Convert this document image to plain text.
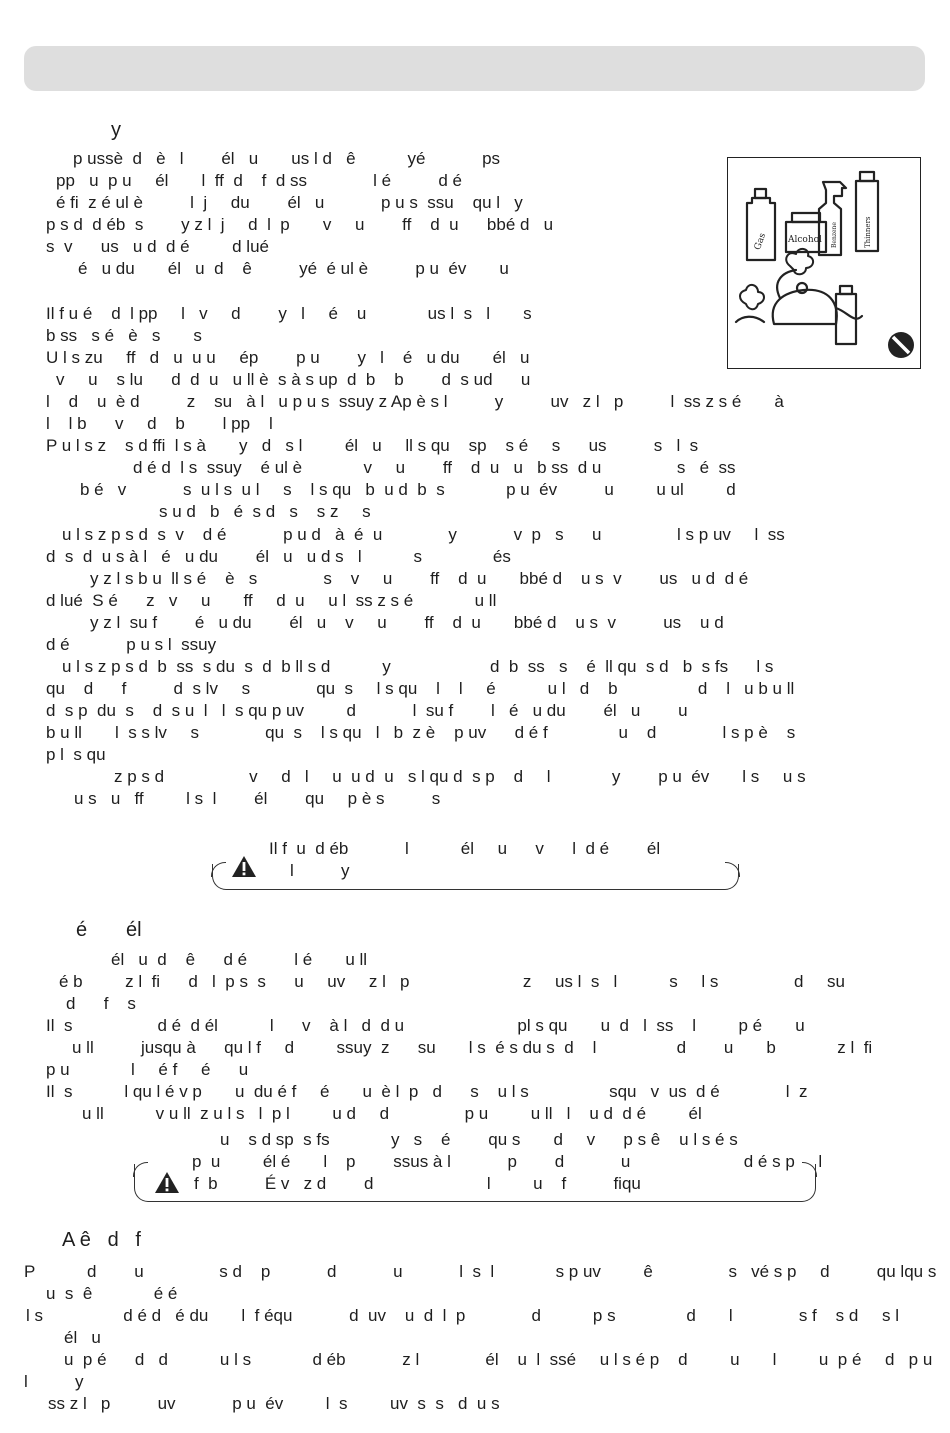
y
p ussè  d   è   l        él   u       us l d   ê           yé            ps
pp   u  p u     él       l  ff  d    f  d ss              l é          d é
é fi  z é ul è          l  j     du        él   u            p u s  ssu    qu l   y
p s d  d éb  s        y z l  j     d  l  p       v     u        ff    d  u      bbé d   u
s  v      us   u d  d é         d lué
é   u du       él   u  d    ê          yé  é ul è          p u  év       u
Il f u é    d  l pp     l   v     d        y   l     é    u             us l  s   l       s
b ss   s é   è   s       s
U l s zu     ff   d   u  u u     ép        p u        y   l    é   u du       él   u
v     u    s lu      d  d  u   u ll è  s à s up  d  b    b        d  s ud      u
l    d    u  è d          z    su   à l   u p u s  ssuy z Ap è s l          y          uv   z l   p          l  ss z s é       à
l    l b      v     d    b        l pp    l
P u l s z    s d ffi  l s à       y   d   s l         él   u     ll s qu    sp    s é     s      us          s   l  s
d é d  l s  ssuy    é ul è             v     u        ff    d  u   u   b ss  d u                s   é  ss
b é   v            s  u l s  u l     s    l s qu   b  u d  b  s             p u  év          u         u ul         d
s u d   b   é  s d   s    s z     s
u l s z p s d  s  v    d é            p u d   à  é  u              y            v  p   s      u                l s p uv     l  ss
d  s  d  u s à l   é   u du        él   u   u d s   l           s               és
y z l s b u  ll s é    è   s              s    v     u        ff    d  u       bbé d    u s  v        us   u d  d é
d lué  S é      z   v     u       ff     d  u     u l  ss z s é             u ll
y z l  su f        é   u du        él   u    v     u        ff    d  u       bbé d    u s  v          us    u d
d é            p u s l  ssuy
u l s z p s d  b  ss  s du  s  d  b ll s d           y                     d  b  ss   s    é  ll qu  s d   b  s fs      l s
qu    d      f          d  s lv     s              qu  s     l s qu    l    l     é           u l   d    b                 d    l   u b u ll
d  s p  du  s    d  s u  l   l  s qu p uv         d            l  su f        l   é   u du        él   u        u
b u ll       l  s s lv     s              qu  s    l s qu   l   b  z è    p uv      d é f               u    d              l s p è    s
p l  s qu
z p s d                  v     d   l     u  u d  u   s l qu d  s p    d     l             y        p u  év       l s     u s
u s   u   ff         l s  l        él        qu     p è s          s
Gas Alcohol Benzene	Thinners
Il f  u  d éb            l           él     u      v      l  d é        él
l          y
é       él
él   u  d    ê      d é          l é       u ll
é b         z l  fi      d   l  p s  s      u     uv     z l   p                        z     us l  s   l           s     l s                d     su
d      f    s
Il  s                  d é  d él           l      v    à l   d  d u                        pl s qu       u  d   l  ss    l         p é       u
u ll          jusqu à      qu l f     d         ssuy  z      su       l s  é s du s  d    l                 d        u       b             z l  fi
p u             l     é f     é      u
Il  s           l qu l é v p       u  du é f     é       u  è l  p   d      s    u l s                 squ   v  us  d é              l  z
u ll           v u ll  z u l s   l  p l         u d     d                p u         u ll   l    u d  d é         él
u    s d sp  s fs             y   s    é        qu s       d     v      p s ê    u l s é s
p  u         él é       l    p        ssus à l            p        d            u                        d é s p     l
f  b          É v   z d        d                        l         u    f          fiqu
A ê   d   f
P           d        u                s d    p            d            u            l  s  l             s p uv         ê                s   vé s p     d          qu lqu s
u  s  ê             é é
l s                 d é d   é du       l  f équ            d  uv    u  d  l  p              d           p s               d       l              s f    s d     s l
él   u
u  p é      d   d           u l s             d éb            z l              él    u  l  ssé     u l s é p    d         u       l         u  p é     d   p u
l          y
ss z l   p          uv            p u  év         l  s         uv  s  s   d  u s
